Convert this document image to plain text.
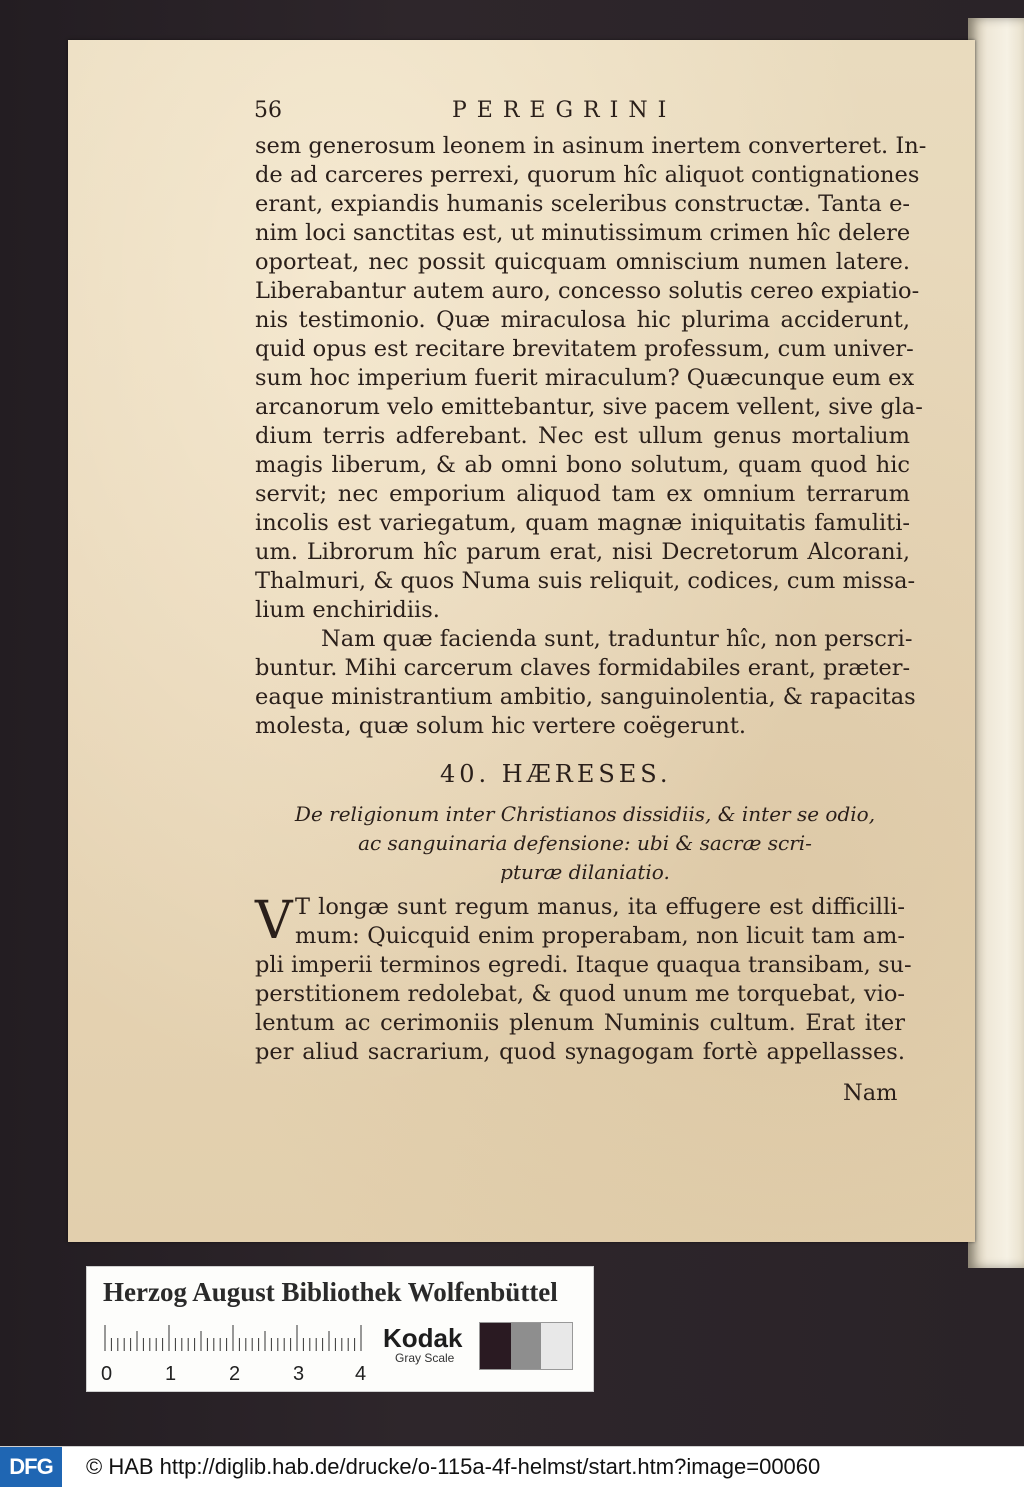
56	PEREGRINI
sem generosum leonem in asinum inertem converteret. In-
de ad carceres perrexi, quorum hîc aliquot contignationes
erant, expiandis humanis sceleribus constructæ. Tanta e-
nim loci sanctitas est, ut minutissimum crimen hîc delere
oporteat, nec possit quicquam omniscium numen latere.
Liberabantur autem auro, concesso solutis cereo expiatio-
nis testimonio. Quæ miraculosa hic plurima acciderunt,
quid opus est recitare brevitatem professum, cum univer-
sum hoc imperium fuerit miraculum? Quæcunque eum ex
arcanorum velo emittebantur, sive pacem vellent, sive gla-
dium terris adferebant. Nec est ullum genus mortalium
magis liberum, & ab omni bono solutum, quam quod hic
servit; nec emporium aliquod tam ex omnium terrarum
incolis est variegatum, quam magnæ iniquitatis famuliti-
um. Librorum hîc parum erat, nisi Decretorum Alcorani,
Thalmuri, & quos Numa suis reliquit, codices, cum missa-
lium enchiridiis.
Nam quæ facienda sunt, traduntur hîc, non perscri-
buntur. Mihi carcerum claves formidabiles erant, præter-
eaque ministrantium ambitio, sanguinolentia, & rapacitas
molesta, quæ solum hic vertere coëgerunt.
40. HÆRESES.
De religionum inter Christianos dissidiis, & inter se odio,
ac sanguinaria defensione: ubi & sacræ scri-
pturæ dilaniatio.
V T longæ sunt regum manus, ita effugere est difficilli-
mum: Quicquid enim properabam, non licuit tam am-
pli imperii terminos egredi. Itaque quaqua transibam, su-
perstitionem redolebat, & quod unum me torquebat, vio-
lentum ac cerimoniis plenum Numinis cultum. Erat iter
per aliud sacrarium, quod synagogam fortè appellasses.
Nam
Herzog August Bibliothek Wolfenbüttel
0	1	2	3	4
Kodak
Gray Scale
DFG	© HAB http://diglib.hab.de/drucke/o-115a-4f-helmst/start.htm?image=00060
